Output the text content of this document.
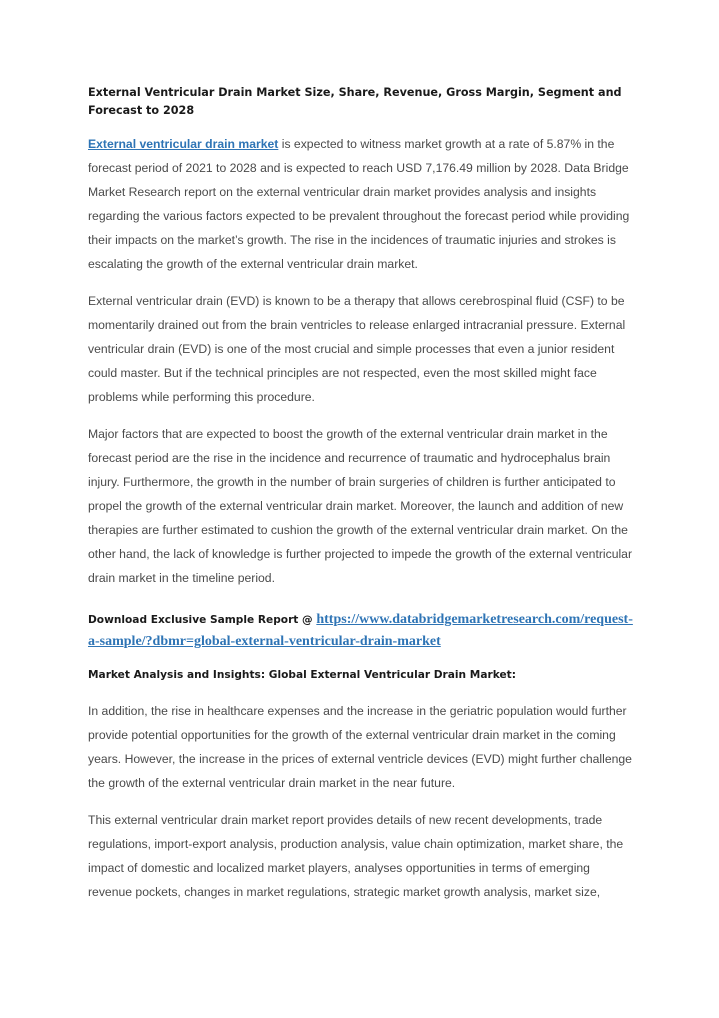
External Ventricular Drain Market Size, Share, Revenue, Gross Margin, Segment and Forecast to 2028

External ventricular drain market is expected to witness market growth at a rate of 5.87% in the forecast period of 2021 to 2028 and is expected to reach USD 7,176.49 million by 2028. Data Bridge Market Research report on the external ventricular drain market provides analysis and insights regarding the various factors expected to be prevalent throughout the forecast period while providing their impacts on the market’s growth. The rise in the incidences of traumatic injuries and strokes is escalating the growth of the external ventricular drain market.

External ventricular drain (EVD) is known to be a therapy that allows cerebrospinal fluid (CSF) to be momentarily drained out from the brain ventricles to release enlarged intracranial pressure. External ventricular drain (EVD) is one of the most crucial and simple processes that even a junior resident could master. But if the technical principles are not respected, even the most skilled might face problems while performing this procedure.

Major factors that are expected to boost the growth of the external ventricular drain market in the forecast period are the rise in the incidence and recurrence of traumatic and hydrocephalus brain injury. Furthermore, the growth in the number of brain surgeries of children is further anticipated to propel the growth of the external ventricular drain market. Moreover, the launch and addition of new therapies are further estimated to cushion the growth of the external ventricular drain market. On the other hand, the lack of knowledge is further projected to impede the growth of the external ventricular drain market in the timeline period.

Download Exclusive Sample Report @ https://www.databridgemarketresearch.com/request-a-sample/?dbmr=global-external-ventricular-drain-market
Market Analysis and Insights: Global External Ventricular Drain Market:

In addition, the rise in healthcare expenses and the increase in the geriatric population would further provide potential opportunities for the growth of the external ventricular drain market in the coming years. However, the increase in the prices of external ventricle devices (EVD) might further challenge the growth of the external ventricular drain market in the near future.

This external ventricular drain market report provides details of new recent developments, trade regulations, import-export analysis, production analysis, value chain optimization, market share, the impact of domestic and localized market players, analyses opportunities in terms of emerging revenue pockets, changes in market regulations, strategic market growth analysis, market size,
